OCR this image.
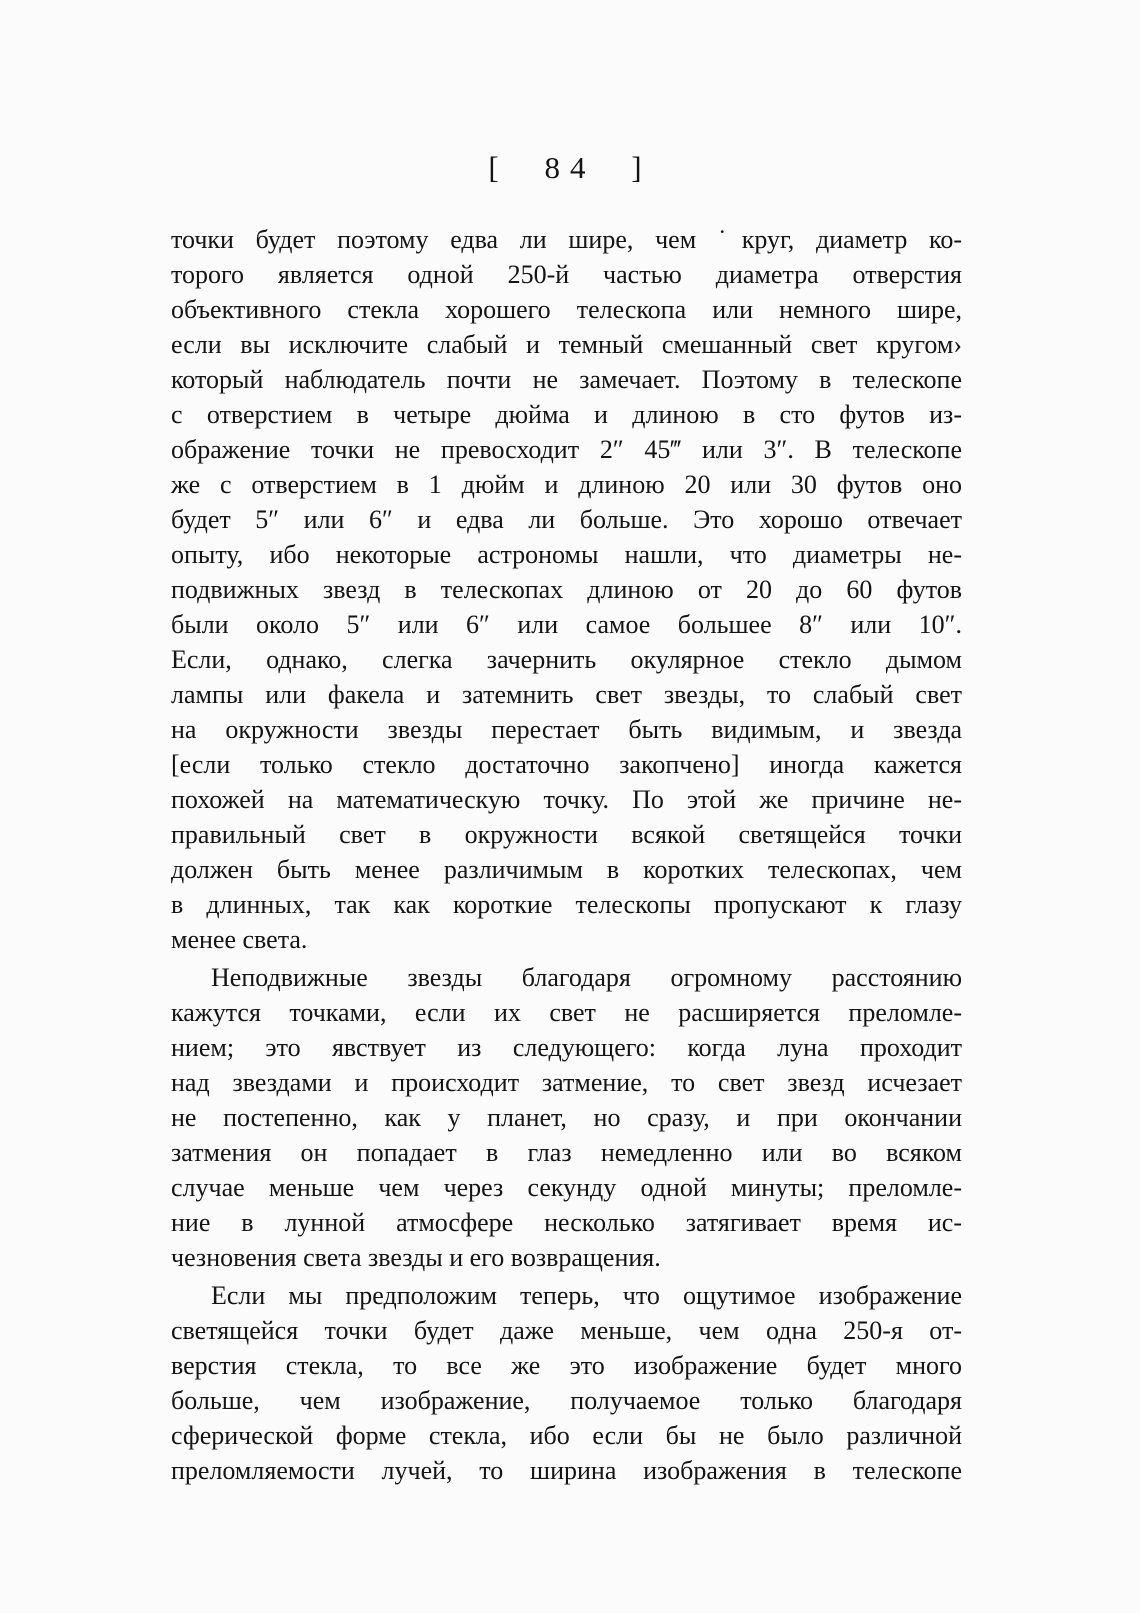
[ 84 ]
точки будет поэтому едва ли шире, чем ˙круг, диаметр ко-
торого является одной 250-й частью диаметра отверстия
объективного стекла хорошего телескопа или немного шире,
если вы исключите слабый и темный смешанный свет кругом›
который наблюдатель почти не замечает. Поэтому в телескопе
с отверстием в четыре дюйма и длиною в сто футов из-
ображение точки не превосходит 2″ 45‴ или 3″. В телескопе
же с отверстием в 1 дюйм и длиною 20 или 30 футов оно
будет 5″ или 6″ и едва ли больше. Это хорошо отвечает
опыту, ибо некоторые астрономы нашли, что диаметры не-
подвижных звезд в телескопах длиною от 20 до 60 футов
были около 5″ или 6″ или самое большее 8″ или 10″.
Если, однако, слегка зачернить окулярное стекло дымом
лампы или факела и затемнить свет звезды, то слабый свет
на окружности звезды перестает быть видимым, и звезда
[если только стекло достаточно закопчено] иногда кажется
похожей на математическую точку. По этой же причине не-
правильный свет в окружности всякой светящейся точки
должен быть менее различимым в коротких телескопах, чем
в длинных, так как короткие телескопы пропускают к глазу
менее света.
Неподвижные звезды благодаря огромному расстоянию
кажутся точками, если их свет не расширяется преломле-
нием; это явствует из следующего: когда луна проходит
над звездами и происходит затмение, то свет звезд исчезает
не постепенно, как у планет, но сразу, и при окончании
затмения он попадает в глаз немедленно или во всяком
случае меньше чем через секунду одной минуты; преломле-
ние в лунной атмосфере несколько затягивает время ис-
чезновения света звезды и его возвращения.
Если мы предположим теперь, что ощутимое изображение
светящейся точки будет даже меньше, чем одна 250-я от-
верстия стекла, то все же это изображение будет много
больше, чем изображение, получаемое только благодаря
сферической форме стекла, ибо если бы не было различной
преломляемости лучей, то ширина изображения в телескопе
